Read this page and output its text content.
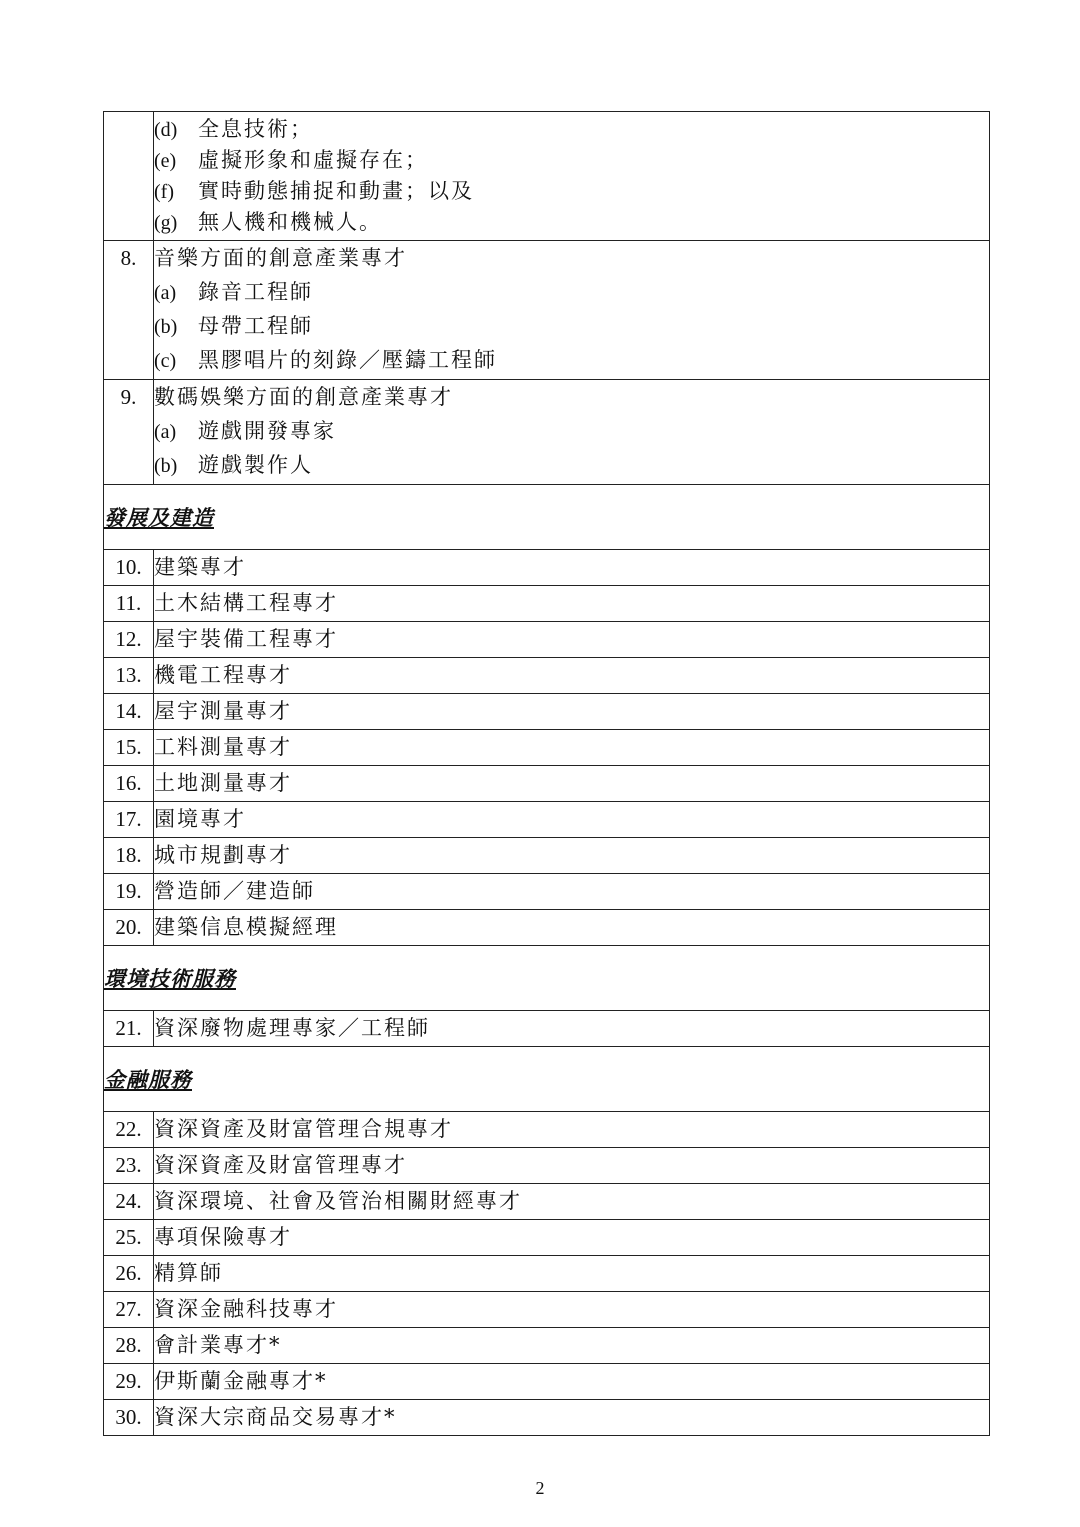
	(d) 全息技術；
(e) 虛擬形象和虛擬存在；
(f) 實時動態捕捉和動畫；以及
(g) 無人機和機械人。

8.	音樂方面的創意產業專才
(a) 錄音工程師
(b) 母帶工程師
(c) 黑膠唱片的刻錄／壓鑄工程師

9.	數碼娛樂方面的創意產業專才
(a) 遊戲開發專家
(b) 遊戲製作人

發展及建造	
10.	建築專才
11.	土木結構工程專才
12.	屋宇裝備工程專才
13.	機電工程專才
14.	屋宇測量專才
15.	工料測量專才
16.	土地測量專才
17.	園境專才
18.	城市規劃專才
19.	營造師／建造師
20.	建築信息模擬經理
環境技術服務	
21.	資深廢物處理專家／工程師
金融服務	
22.	資深資產及財富管理合規專才
23.	資深資產及財富管理專才
24.	資深環境、社會及管治相關財經專才
25.	專項保險專才
26.	精算師
27.	資深金融科技專才
28.	會計業專才*
29.	伊斯蘭金融專才*
30.	資深大宗商品交易專才*
2
